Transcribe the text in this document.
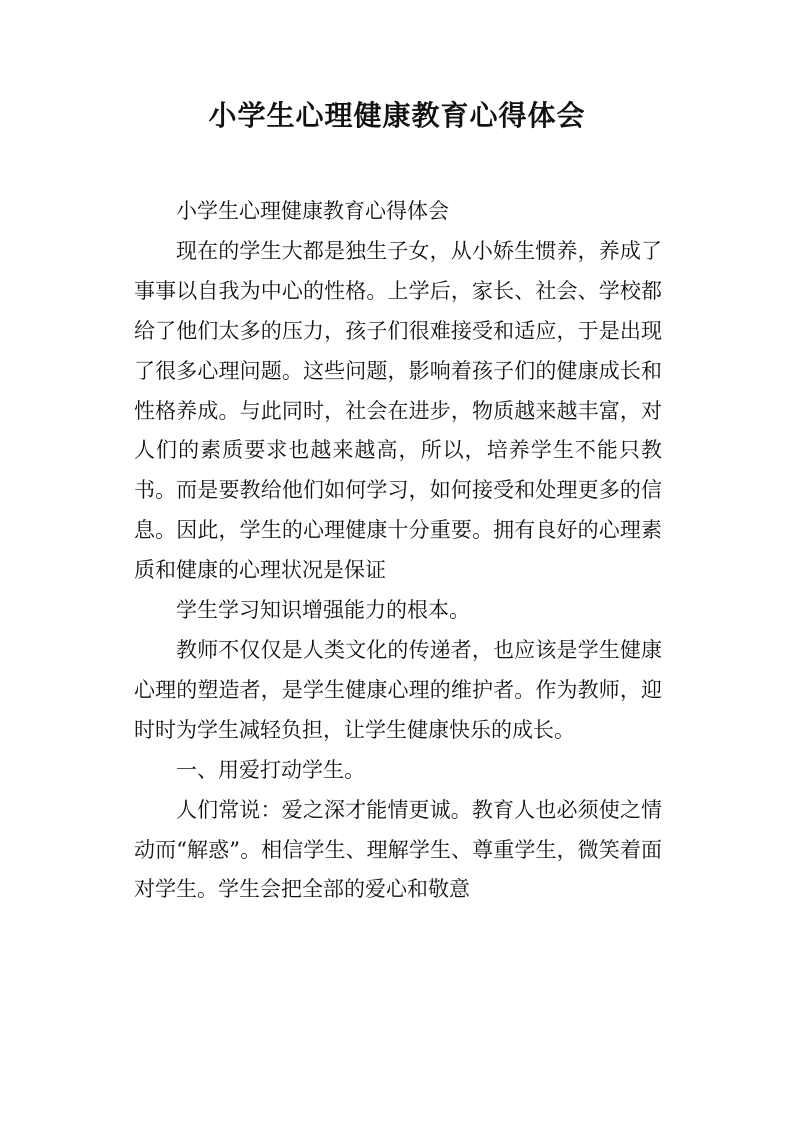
小学生心理健康教育心得体会

小学生心理健康教育心得体会

现在的学生大都是独生子女，从小娇生惯养，养成了事事以自我为中心的性格。上学后，家长、社会、学校都给了他们太多的压力，孩子们很难接受和适应，于是出现了很多心理问题。这些问题，影响着孩子们的健康成长和性格养成。与此同时，社会在进步，物质越来越丰富，对人们的素质要求也越来越高，所以，培养学生不能只教书。而是要教给他们如何学习，如何接受和处理更多的信息。因此，学生的心理健康十分重要。拥有良好的心理素质和健康的心理状况是保证

学生学习知识增强能力的根本。

教师不仅仅是人类文化的传递者，也应该是学生健康心理的塑造者，是学生健康心理的维护者。作为教师，迎时时为学生减轻负担，让学生健康快乐的成长。

一、用爱打动学生。

人们常说：爱之深才能情更诚。教育人也必须使之情动而“解惑”。相信学生、理解学生、尊重学生，微笑着面对学生。学生会把全部的爱心和敬意
